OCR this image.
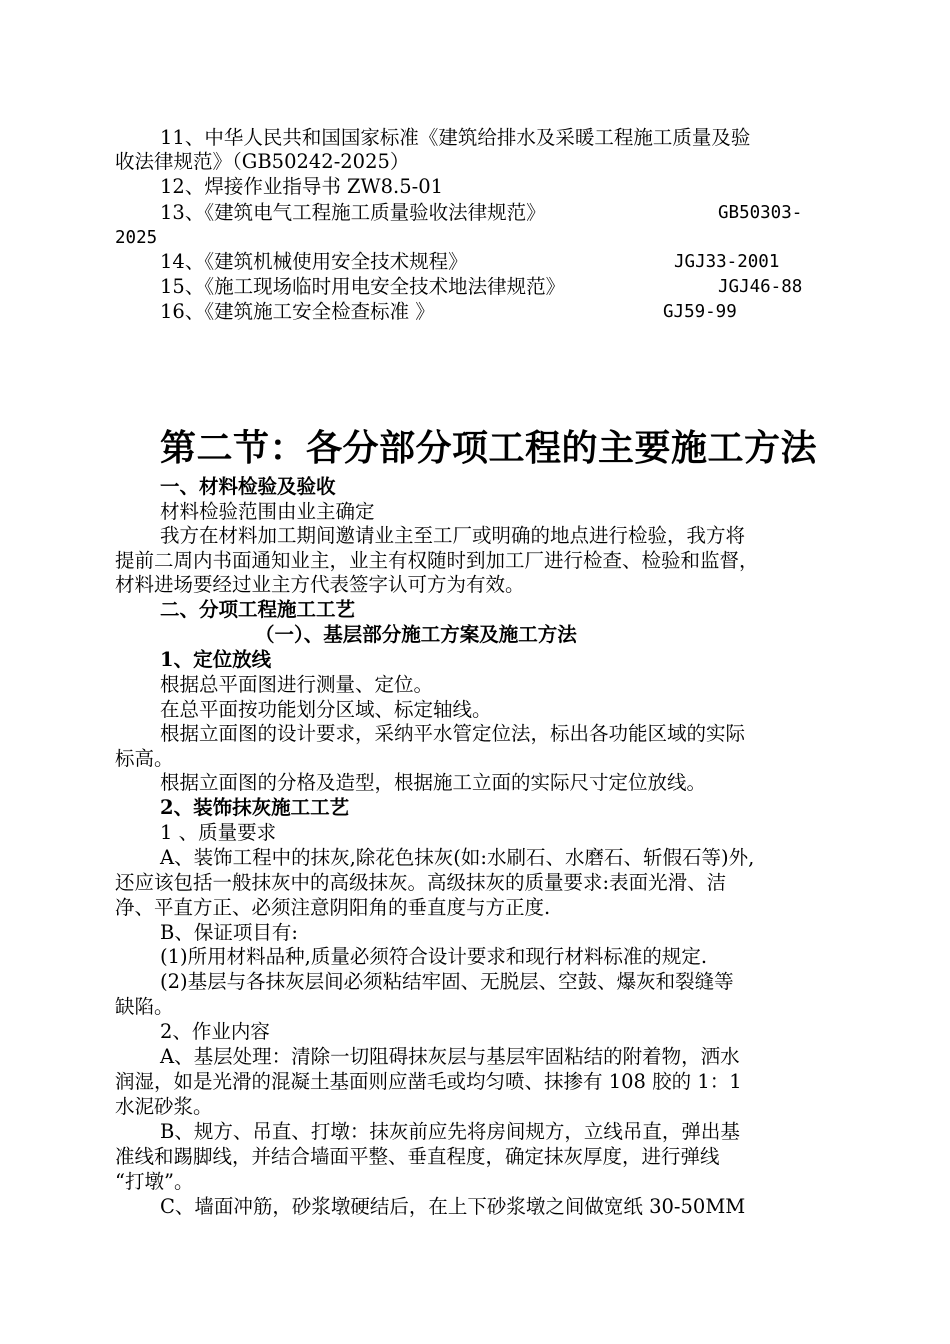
11、中华人民共和国国家标准《建筑给排水及采暖工程施工质量及验
收法律规范》（GB50242-2025）
12、焊接作业指导书 ZW8.5-01
13、《建筑电气工程施工质量验收法律规范》	GB50303-
2025
14、《建筑机械使用安全技术规程》	JGJ33-2001
15、《施工现场临时用电安全技术地法律规范》	JGJ46-88
16、《建筑施工安全检查标准 》	GJ59-99
第二节：各分部分项工程的主要施工方法
一、材料检验及验收
材料检验范围由业主确定
我方在材料加工期间邀请业主至工厂或明确的地点进行检验，我方将
提前二周内书面通知业主，业主有权随时到加工厂进行检查、检验和监督，
材料进场要经过业主方代表签字认可方为有效。
二、分项工程施工工艺
（一）、基层部分施工方案及施工方法
1、定位放线
根据总平面图进行测量、定位。
在总平面按功能划分区域、标定轴线。
根据立面图的设计要求，采纳平水管定位法，标出各功能区域的实际
标高。
根据立面图的分格及造型，根据施工立面的实际尺寸定位放线。
2、装饰抹灰施工工艺
1 、质量要求
A、装饰工程中的抹灰,除花色抹灰(如:水刷石、水磨石、斩假石等)外,
还应该包括一般抹灰中的高级抹灰。高级抹灰的质量要求:表面光滑、洁
净、平直方正、必须注意阴阳角的垂直度与方正度.
B、保证项目有:
(1)所用材料品种,质量必须符合设计要求和现行材料标准的规定.
(2)基层与各抹灰层间必须粘结牢固、无脱层、空鼓、爆灰和裂缝等
缺陷。
2、作业内容
A、基层处理：清除一切阻碍抹灰层与基层牢固粘结的附着物，洒水
润湿，如是光滑的混凝土基面则应凿毛或均匀喷、抹掺有 108 胶的 1：1
水泥砂浆。
B、规方、吊直、打墩：抹灰前应先将房间规方，立线吊直，弹出基
准线和踢脚线，并结合墙面平整、垂直程度，确定抹灰厚度，进行弹线
“打墩”。
C、墙面冲筋，砂浆墩硬结后，在上下砂浆墩之间做宽纸 30-50MM
